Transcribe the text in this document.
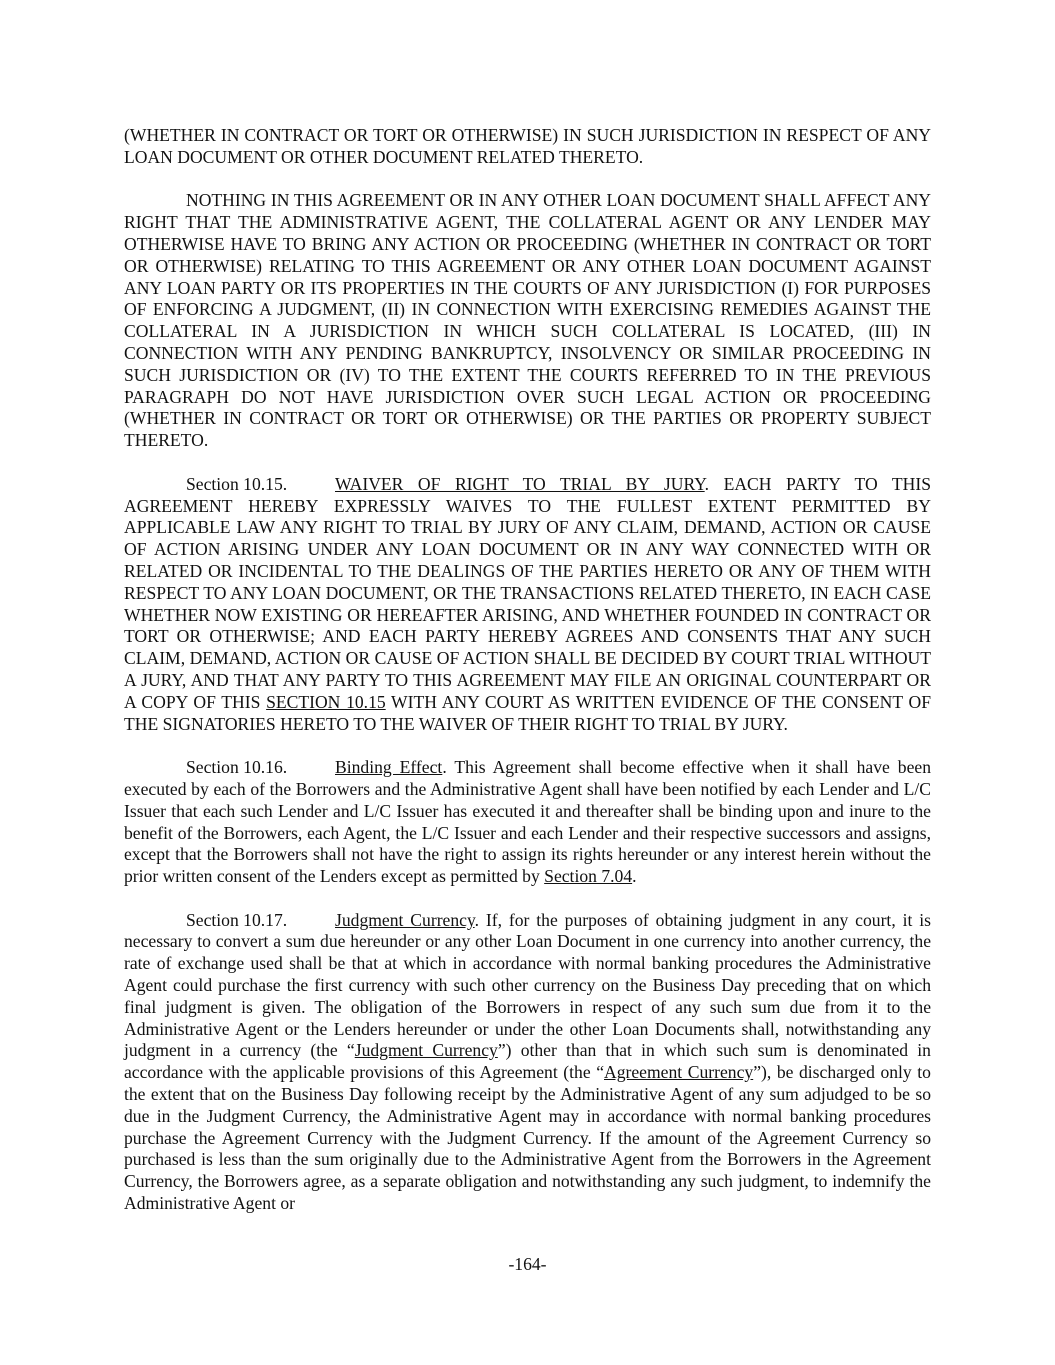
(WHETHER IN CONTRACT OR TORT OR OTHERWISE) IN SUCH JURISDICTION IN RESPECT OF ANY LOAN DOCUMENT OR OTHER DOCUMENT RELATED THERETO.

NOTHING IN THIS AGREEMENT OR IN ANY OTHER LOAN DOCUMENT SHALL AFFECT ANY RIGHT THAT THE ADMINISTRATIVE AGENT, THE COLLATERAL AGENT OR ANY LENDER MAY OTHERWISE HAVE TO BRING ANY ACTION OR PROCEEDING (WHETHER IN CONTRACT OR TORT OR OTHERWISE) RELATING TO THIS AGREEMENT OR ANY OTHER LOAN DOCUMENT AGAINST ANY LOAN PARTY OR ITS PROPERTIES IN THE COURTS OF ANY JURISDICTION (I) FOR PURPOSES OF ENFORCING A JUDGMENT, (II) IN CONNECTION WITH EXERCISING REMEDIES AGAINST THE COLLATERAL IN A JURISDICTION IN WHICH SUCH COLLATERAL IS LOCATED, (III) IN CONNECTION WITH ANY PENDING BANKRUPTCY, INSOLVENCY OR SIMILAR PROCEEDING IN SUCH JURISDICTION OR (IV) TO THE EXTENT THE COURTS REFERRED TO IN THE PREVIOUS PARAGRAPH DO NOT HAVE JURISDICTION OVER SUCH LEGAL ACTION OR PROCEEDING (WHETHER IN CONTRACT OR TORT OR OTHERWISE) OR THE PARTIES OR PROPERTY SUBJECT THERETO.

Section 10.15.	WAIVER OF RIGHT TO TRIAL BY JURY. EACH PARTY TO THIS AGREEMENT HEREBY EXPRESSLY WAIVES TO THE FULLEST EXTENT PERMITTED BY APPLICABLE LAW ANY RIGHT TO TRIAL BY JURY OF ANY CLAIM, DEMAND, ACTION OR CAUSE OF ACTION ARISING UNDER ANY LOAN DOCUMENT OR IN ANY WAY CONNECTED WITH OR RELATED OR INCIDENTAL TO THE DEALINGS OF THE PARTIES HERETO OR ANY OF THEM WITH RESPECT TO ANY LOAN DOCUMENT, OR THE TRANSACTIONS RELATED THERETO, IN EACH CASE WHETHER NOW EXISTING OR HEREAFTER ARISING, AND WHETHER FOUNDED IN CONTRACT OR TORT OR OTHERWISE; AND EACH PARTY HEREBY AGREES AND CONSENTS THAT ANY SUCH CLAIM, DEMAND, ACTION OR CAUSE OF ACTION SHALL BE DECIDED BY COURT TRIAL WITHOUT A JURY, AND THAT ANY PARTY TO THIS AGREEMENT MAY FILE AN ORIGINAL COUNTERPART OR A COPY OF THIS SECTION 10.15 WITH ANY COURT AS WRITTEN EVIDENCE OF THE CONSENT OF THE SIGNATORIES HERETO TO THE WAIVER OF THEIR RIGHT TO TRIAL BY JURY.

Section 10.16.	Binding Effect. This Agreement shall become effective when it shall have been executed by each of the Borrowers and the Administrative Agent shall have been notified by each Lender and L/C Issuer that each such Lender and L/C Issuer has executed it and thereafter shall be binding upon and inure to the benefit of the Borrowers, each Agent, the L/C Issuer and each Lender and their respective successors and assigns, except that the Borrowers shall not have the right to assign its rights hereunder or any interest herein without the prior written consent of the Lenders except as permitted by Section 7.04.

Section 10.17.	Judgment Currency. If, for the purposes of obtaining judgment in any court, it is necessary to convert a sum due hereunder or any other Loan Document in one currency into another currency, the rate of exchange used shall be that at which in accordance with normal banking procedures the Administrative Agent could purchase the first currency with such other currency on the Business Day preceding that on which final judgment is given. The obligation of the Borrowers in respect of any such sum due from it to the Administrative Agent or the Lenders hereunder or under the other Loan Documents shall, notwithstanding any judgment in a currency (the “Judgment Currency”) other than that in which such sum is denominated in accordance with the applicable provisions of this Agreement (the “Agreement Currency”), be discharged only to the extent that on the Business Day following receipt by the Administrative Agent of any sum adjudged to be so due in the Judgment Currency, the Administrative Agent may in accordance with normal banking procedures purchase the Agreement Currency with the Judgment Currency. If the amount of the Agreement Currency so purchased is less than the sum originally due to the Administrative Agent from the Borrowers in the Agreement Currency, the Borrowers agree, as a separate obligation and notwithstanding any such judgment, to indemnify the Administrative Agent or

-164-
